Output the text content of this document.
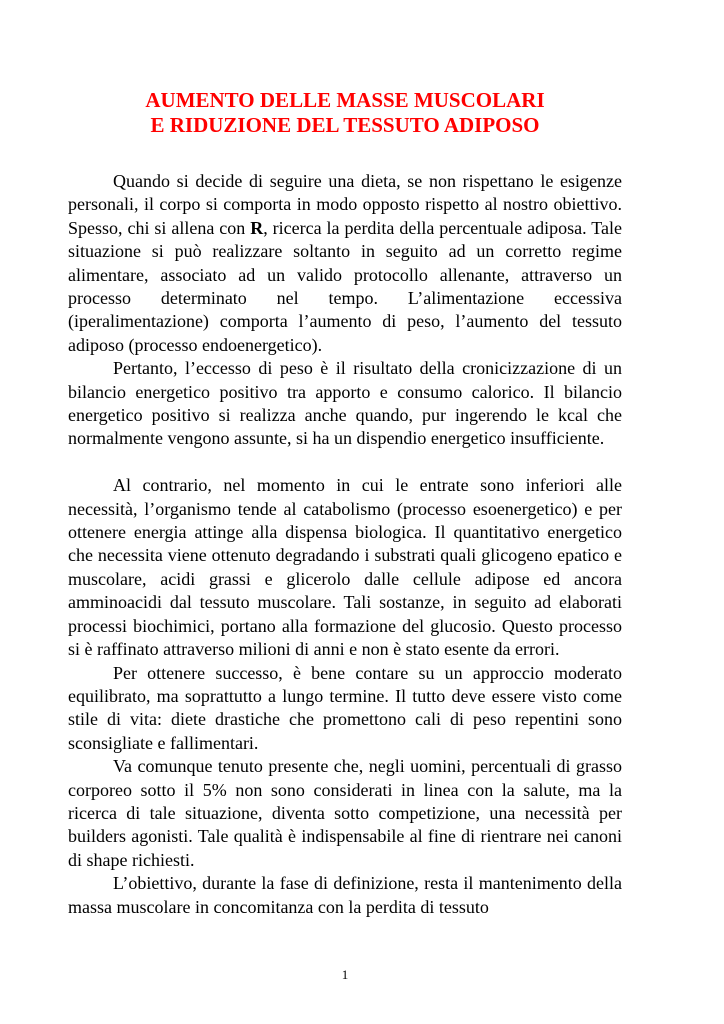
AUMENTO DELLE MASSE MUSCOLARI
E RIDUZIONE DEL TESSUTO ADIPOSO

Quando si decide di seguire una dieta, se non rispettano le esigenze personali, il corpo si comporta in modo opposto rispetto al nostro obiettivo. Spesso, chi si allena con R, ricerca la perdita della percentuale adiposa. Tale situazione si può realizzare soltanto in seguito ad un corretto regime alimentare, associato ad un valido protocollo allenante, attraverso un processo determinato nel tempo. L’alimentazione eccessiva (iperalimentazione) comporta l’aumento di peso, l’aumento del tessuto adiposo (processo endoenergetico).

Pertanto, l’eccesso di peso è il risultato della cronicizzazione di un bilancio energetico positivo tra apporto e consumo calorico. Il bilancio energetico positivo si realizza anche quando, pur ingerendo le kcal che normalmente vengono assunte, si ha un dispendio energetico insufficiente.

Al contrario, nel momento in cui le entrate sono inferiori alle necessità, l’organismo tende al catabolismo (processo esoenergetico) e per ottenere energia attinge alla dispensa biologica. Il quantitativo energetico che necessita viene ottenuto degradando i substrati quali glicogeno epatico e muscolare, acidi grassi e glicerolo dalle cellule adipose ed ancora amminoacidi dal tessuto muscolare. Tali sostanze, in seguito ad elaborati processi biochimici, portano alla formazione del glucosio. Questo processo si è raffinato attraverso milioni di anni e non è stato esente da errori.

Per ottenere successo, è bene contare su un approccio moderato equilibrato, ma soprattutto a lungo termine. Il tutto deve essere visto come stile di vita: diete drastiche che promettono cali di peso repentini sono sconsigliate e fallimentari.

Va comunque tenuto presente che, negli uomini, percentuali di grasso corporeo sotto il 5% non sono considerati in linea con la salute, ma la ricerca di tale situazione, diventa sotto competizione, una necessità per builders agonisti. Tale qualità è indispensabile al fine di rientrare nei canoni di shape richiesti.

L’obiettivo, durante la fase di definizione, resta il mantenimento della massa muscolare in concomitanza con la perdita di tessuto

1
